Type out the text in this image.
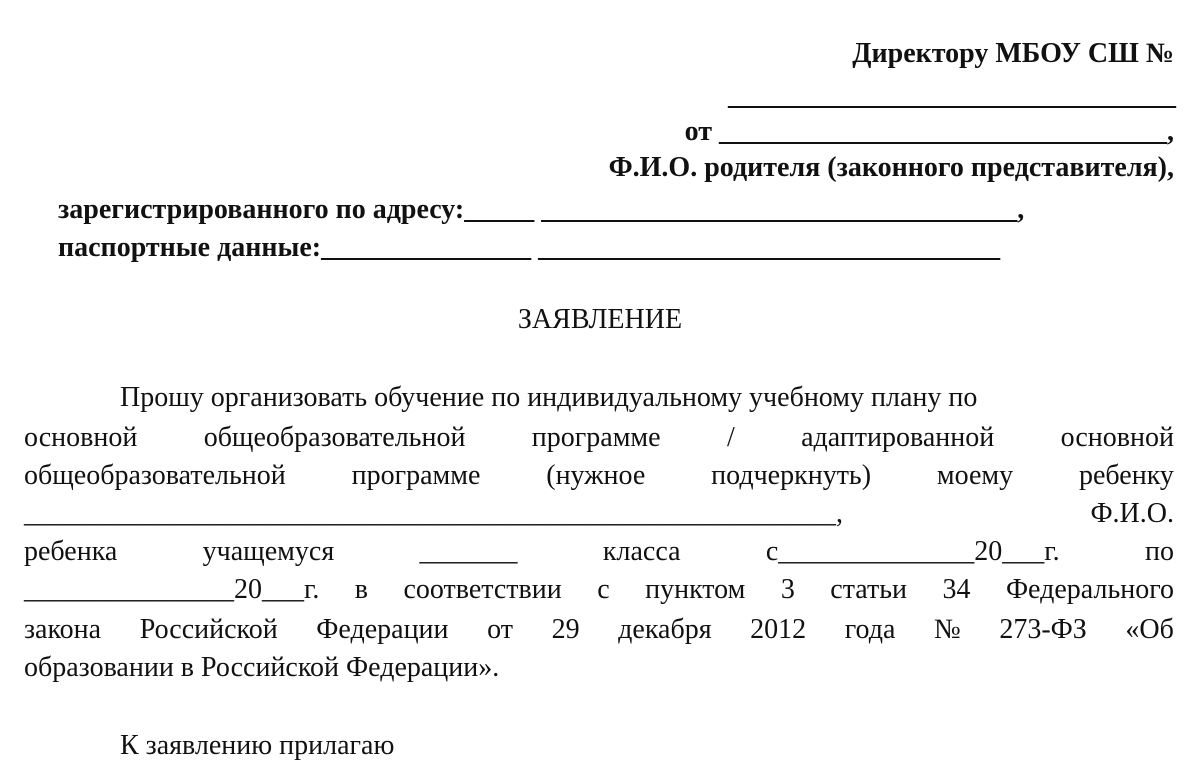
Директору МБОУ СШ №
________________________________
от ________________________________,
Ф.И.О. родителя (законного представителя),
зарегистрированного по адресу:_____ __________________________________,
паспортные данные:_______________ _________________________________
ЗАЯВЛЕНИЕ
Прошу организовать обучение по индивидуальному учебному плану по
основной общеобразовательной программе / адаптированной основной
общеобразовательной программе (нужное подчеркнуть) моему ребенку
__________________________________________________________,	Ф.И.О.
ребенка	учащемуся	_______	класса	с______________20___г.	по
_______________20___г. в соответствии с пунктом 3 статьи 34 Федерального
закона Российской Федерации от 29 декабря 2012 года № 273-ФЗ «Об
образовании в Российской Федерации».
К заявлению прилагаю
